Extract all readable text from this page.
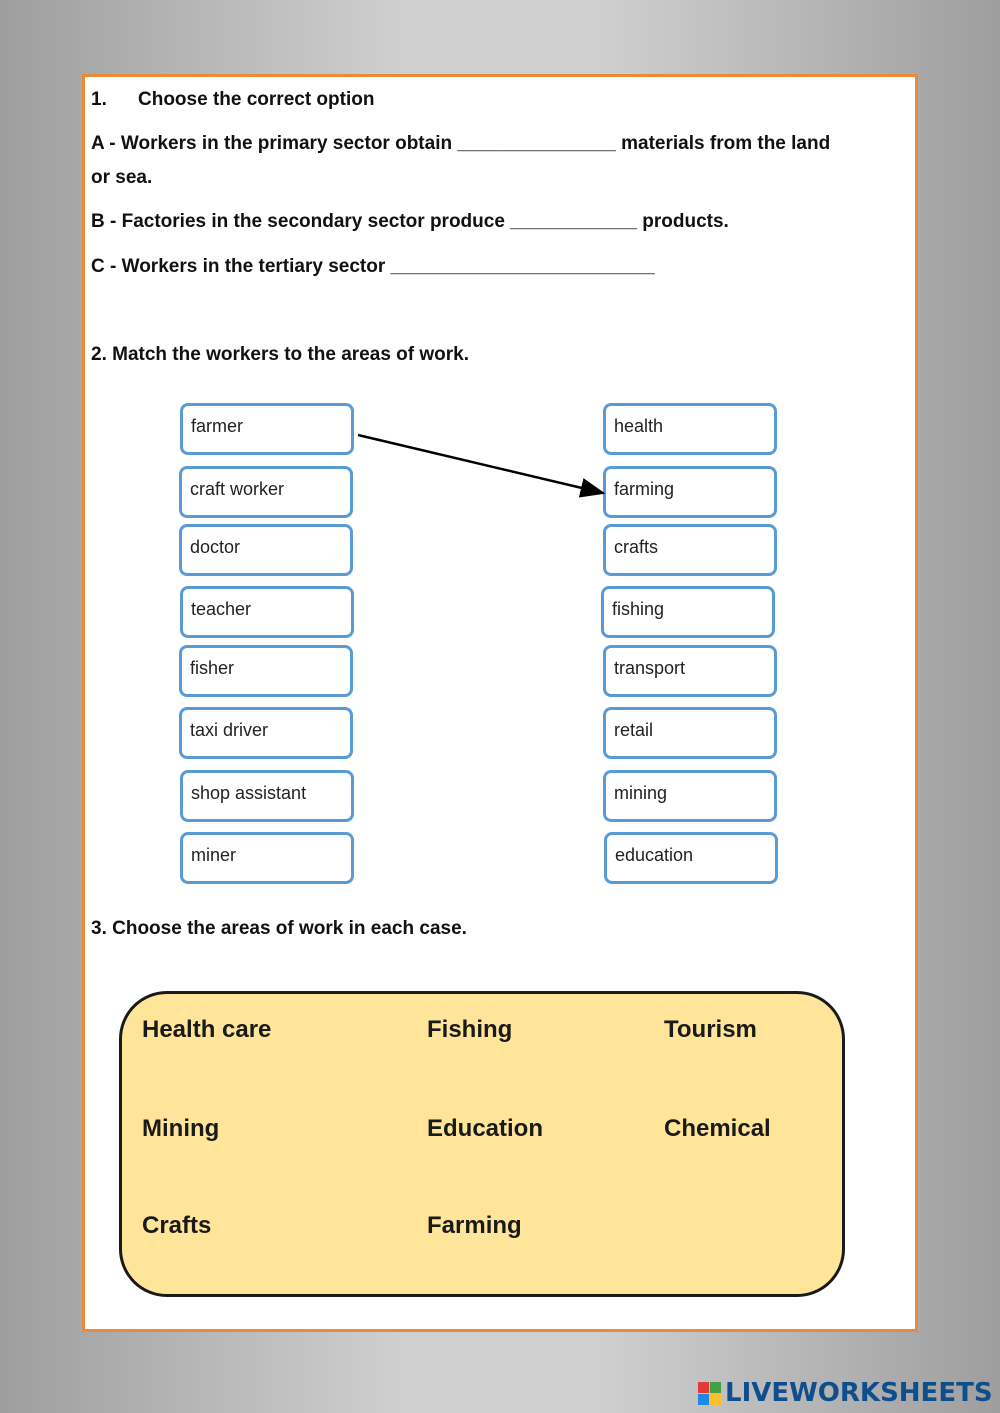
1. Choose the correct option
A - Workers in the primary sector obtain _______________ materials from the land
or sea.
B - Factories in the secondary sector produce ____________ products.
C - Workers in the tertiary sector _________________________
2. Match the workers to the areas of work.
farmer
craft worker
doctor
teacher
fisher
taxi driver
shop assistant
miner
health
farming
crafts
fishing
transport
retail
mining
education
3. Choose the areas of work in each case.
Health care	Fishing	Tourism
Mining	Education	Chemical
Crafts	Farming
LIVEWORKSHEETS
